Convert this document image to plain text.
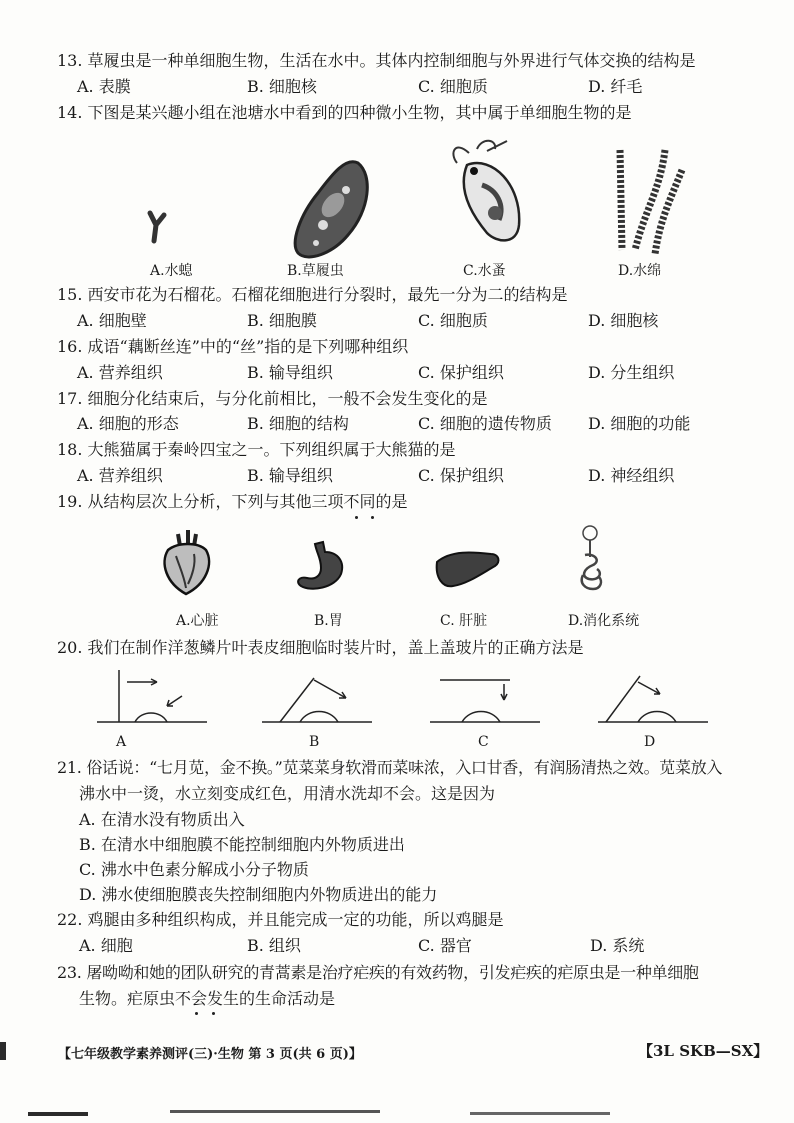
13. 草履虫是一种单细胞生物，生活在水中。其体内控制细胞与外界进行气体交换的结构是
A. 表膜	B. 细胞核	C. 细胞质	D. 纤毛
14. 下图是某兴趣小组在池塘水中看到的四种微小生物，其中属于单细胞生物的是
A.水螅	B.草履虫	C.水蚤	D.水绵
15. 西安市花为石榴花。石榴花细胞进行分裂时，最先一分为二的结构是
A. 细胞壁	B. 细胞膜	C. 细胞质	D. 细胞核
16. 成语“藕断丝连”中的“丝”指的是下列哪种组织
A. 营养组织	B. 输导组织	C. 保护组织	D. 分生组织
17. 细胞分化结束后，与分化前相比，一般不会发生变化的是
A. 细胞的形态	B. 细胞的结构	C. 细胞的遗传物质 D. 细胞的功能
18. 大熊猫属于秦岭四宝之一。下列组织属于大熊猫的是
A. 营养组织	B. 输导组织	C. 保护组织	D. 神经组织
19. 从结构层次上分析，下列与其他三项不同的是
A.心脏	B.胃	C. 肝脏	D.消化系统
20. 我们在制作洋葱鳞片叶表皮细胞临时装片时，盖上盖玻片的正确方法是
A	B	C	D
21. 俗话说：“七月苋，金不换。”苋菜菜身软滑而菜味浓，入口甘香，有润肠清热之效。苋菜放入
沸水中一烫，水立刻变成红色，用清水洗却不会。这是因为
A. 在清水没有物质出入
B. 在清水中细胞膜不能控制细胞内外物质进出
C. 沸水中色素分解成小分子物质
D. 沸水使细胞膜丧失控制细胞内外物质进出的能力
22. 鸡腿由多种组织构成，并且能完成一定的功能，所以鸡腿是
A. 细胞	B. 组织	C. 器官	D. 系统
23. 屠呦呦和她的团队研究的青蒿素是治疗疟疾的有效药物，引发疟疾的疟原虫是一种单细胞
生物。疟原虫不会发生的生命活动是
【七年级教学素养测评(三)·生物 第 3 页(共 6 页)】	【3L SKB—SX】
